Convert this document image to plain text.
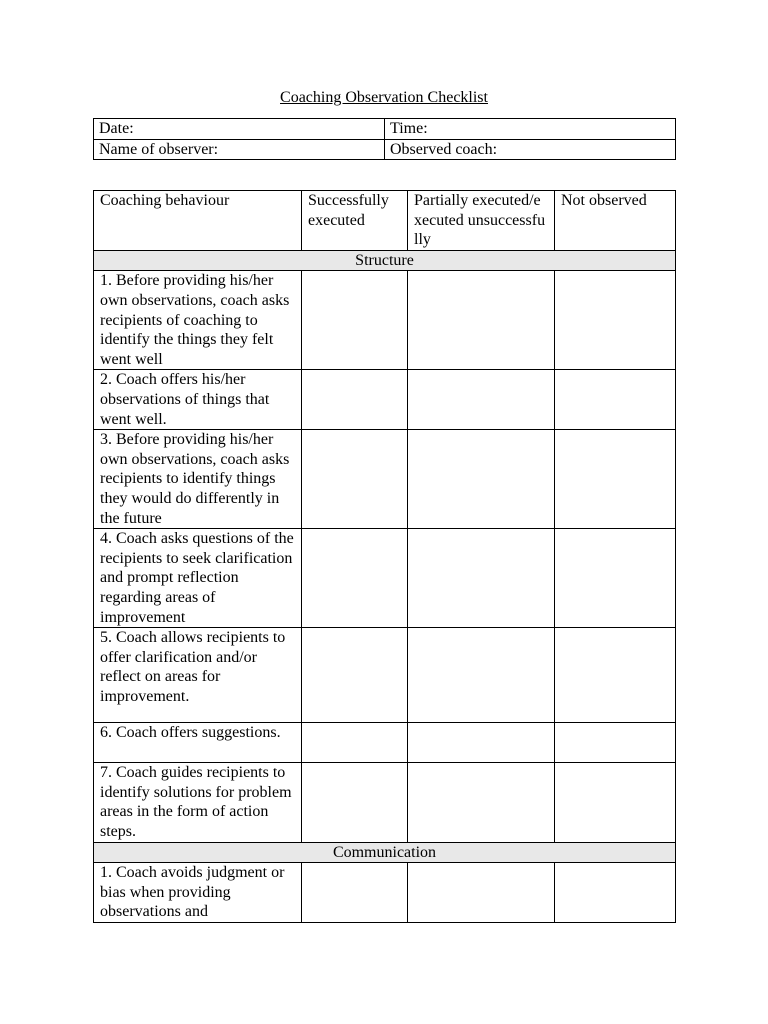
Coaching Observation Checklist
Date:	Time:
Name of observer:	Observed coach:
Coaching behaviour	Successfully executed	Partially executed/executed unsuccessfully	Not observed
Structure			
1. Before providing his/her own observations, coach asks recipients of coaching to identify the things they felt went well			
2. Coach offers his/her observations of things that went well.			
3. Before providing his/her own observations, coach asks recipients to identify things they would do differently in the future			
4. Coach asks questions of the recipients to seek clarification and prompt reflection regarding areas of improvement			
5. Coach allows recipients to offer clarification and/or reflect on areas for improvement.			
6. Coach offers suggestions.			
7. Coach guides recipients to identify solutions for problem areas in the form of action steps.			
Communication			
1. Coach avoids judgment or bias when providing observations and			
